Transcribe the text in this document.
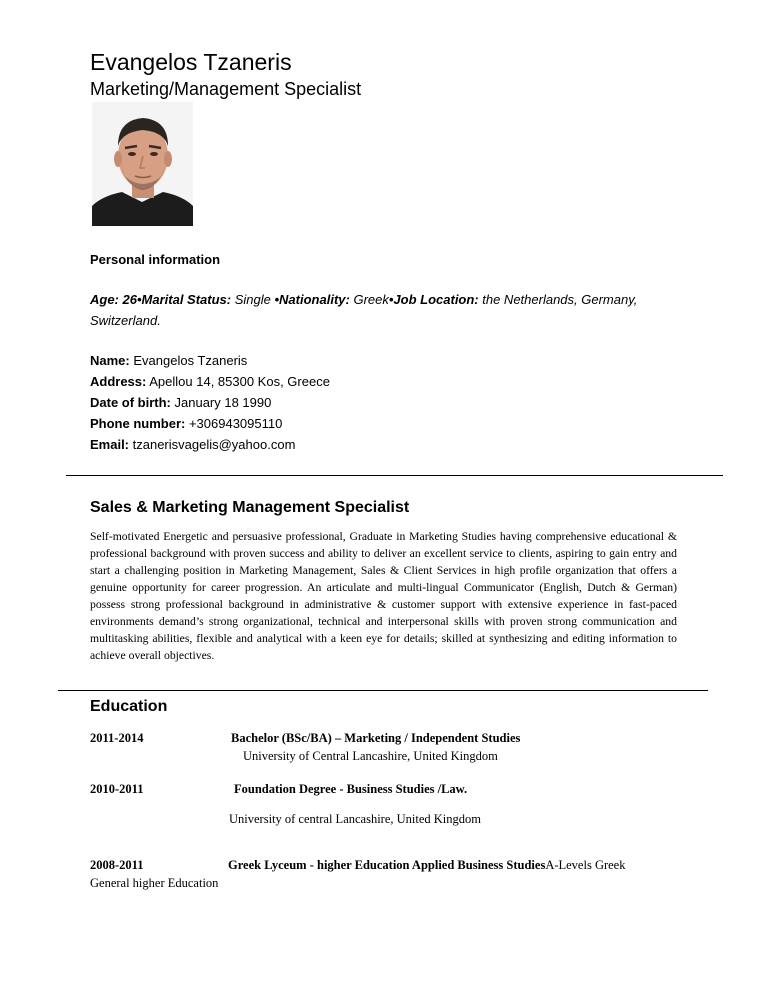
Evangelos Tzaneris
Marketing/Management Specialist
Personal information
Age: 26•Marital Status: Single •Nationality: Greek•Job Location: the Netherlands, Germany, Switzerland.
Name: Evangelos Tzaneris
Address: Apellou 14, 85300 Kos, Greece
Date of birth: January 18 1990
Phone number: +306943095110
Email: tzanerisvagelis@yahoo.com
Sales & Marketing Management Specialist
Self-motivated Energetic and persuasive professional, Graduate in Marketing Studies having comprehensive educational & professional background with proven success and ability to deliver an excellent service to clients, aspiring to gain entry and start a challenging position in Marketing Management, Sales & Client Services in high profile organization that offers a genuine opportunity for career progression. An articulate and multi-lingual Communicator (English, Dutch & German) possess strong professional background in administrative & customer support with extensive experience in fast-paced environments demand’s strong organizational, technical and interpersonal skills with proven strong communication and multitasking abilities, flexible and analytical with a keen eye for details; skilled at synthesizing and editing information to achieve overall objectives.
Education
2011-2014	Bachelor (BSc/BA) – Marketing / Independent Studies
University of Central Lancashire, United Kingdom
2010-2011	Foundation Degree - Business Studies /Law.
University of central Lancashire, United Kingdom
2008-2011	Greek Lyceum - higher Education Applied Business StudiesA-Levels Greek
General higher Education
